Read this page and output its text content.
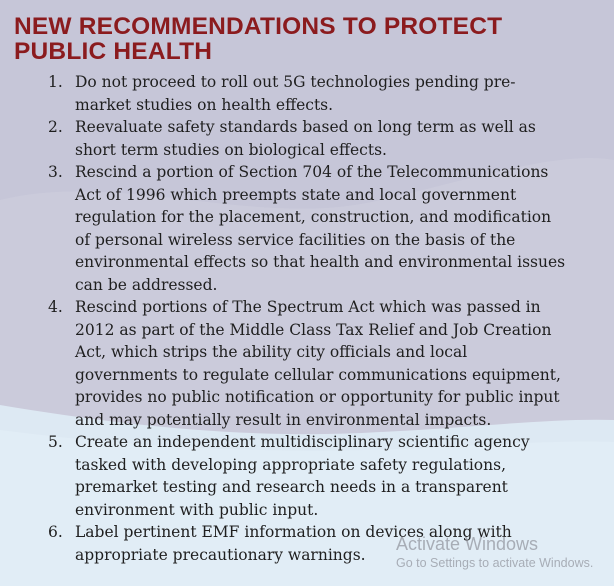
NEW RECOMMENDATIONS TO PROTECT
PUBLIC HEALTH
1. Do not proceed to roll out 5G technologies pending pre-market studies on health effects.
2. Reevaluate safety standards based on long term as well as short term studies on biological effects.
3. Rescind a portion of Section 704 of the Telecommunications Act of 1996 which preempts state and local government regulation for the placement, construction, and modification of personal wireless service facilities on the basis of the environmental effects so that health and environmental issues can be addressed.
4. Rescind portions of The Spectrum Act which was passed in 2012 as part of the Middle Class Tax Relief and Job Creation Act, which strips the ability city officials and local governments to regulate cellular communications equipment, provides no public notification or opportunity for public input and may potentially result in environmental impacts.
5. Create an independent multidisciplinary scientific agency tasked with developing appropriate safety regulations, premarket testing and research needs in a transparent environment with public input.
6. Label pertinent EMF information on devices along with appropriate precautionary warnings.
Activate Windows
Go to Settings to activate Windows.
